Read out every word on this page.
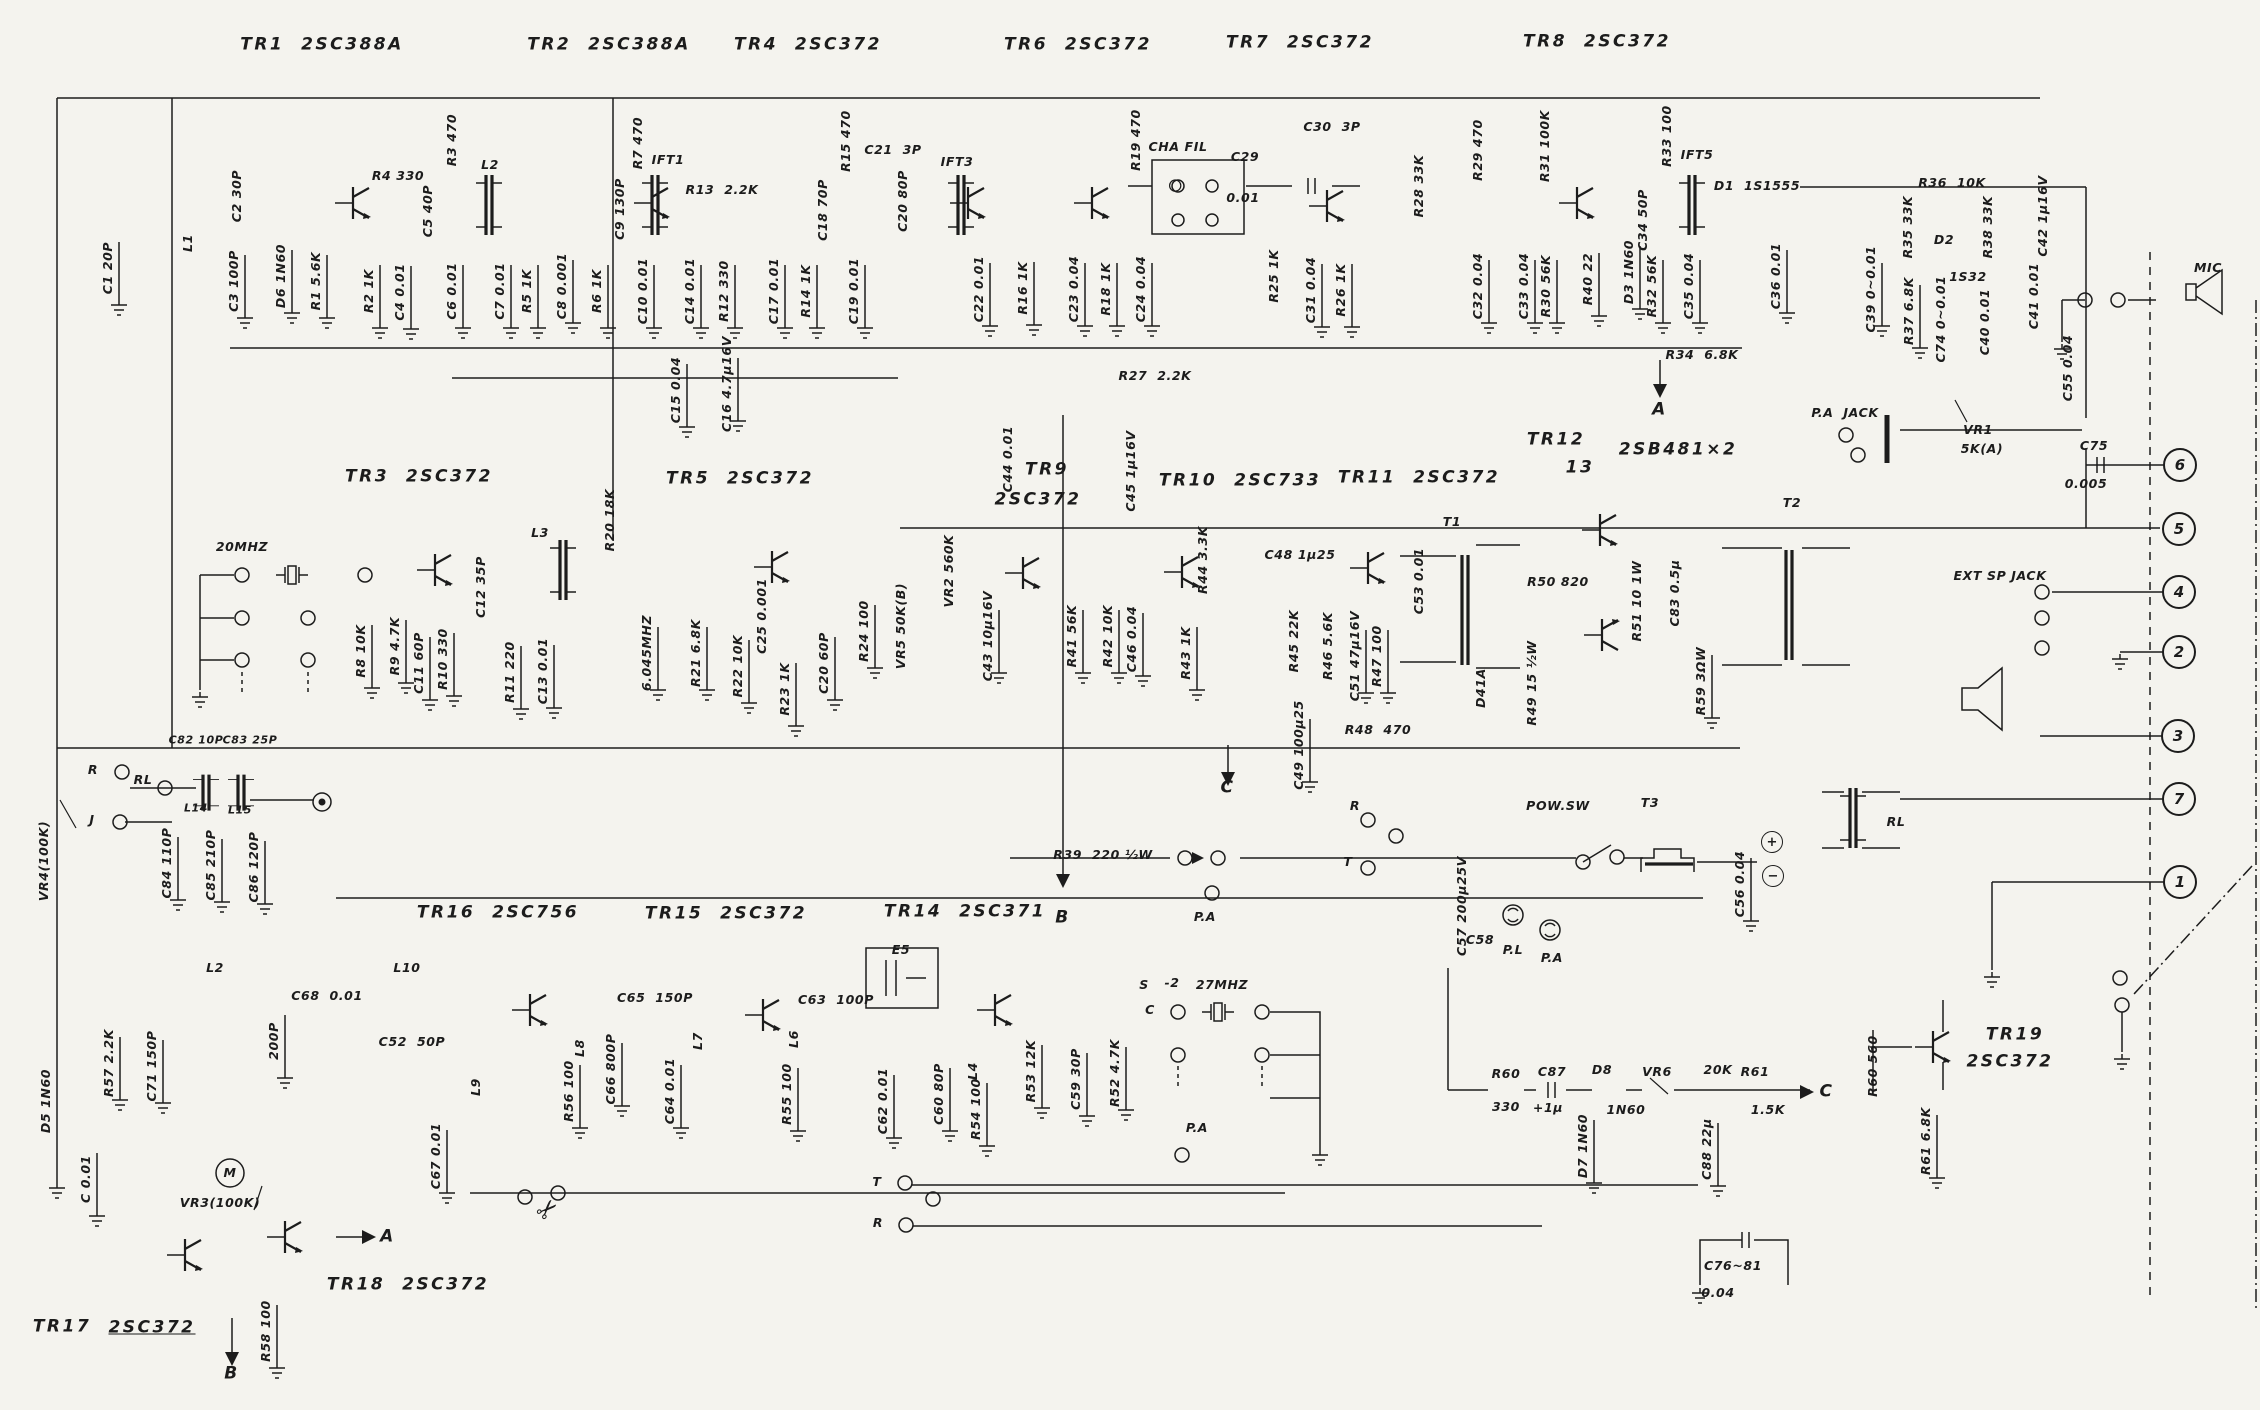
TR1  2SC388A	TR2  2SC388A	TR4  2SC372	TR6  2SC372	TR7  2SC372	TR8  2SC372
TR3  2SC372	TR5  2SC372	TR9
2SC372
TR10  2SC733 TR11  2SC372
TR12
13
2SB481×2
TR16  2SC756	TR15  2SC372	TR14  2SC371
TR17 2SC372
TR18  2SC372
TR19
2SC372
IFT1	IFT3	IFT5
CHA FIL
20MHZ
6.045MHZ
27MHZ
MIC
P.A  JACK
VR1
5K(A)	C75
0.005
EXT SP JACK
POW.SW	T3
T1
T2
L1
L2
L3
C1 20P
C2 30P
C3 100P	D6 1N60 R1 5.6K	R2 1K C4 0.01
R4 330
C5 40P
R3 470
C6 0.01	C7 0.01 R5 1K C8 0.001 R6 1K
C9 130P
R7 470
C10 0.01
R13  2.2K
C14 0.01 R12 330	C17 0.01 R14 1K
C18 70P
R15 470
C19 0.01
C21  3P
C20 80P
C22 0.01 R16 1K	C23 0.04 R18 1K
R19 470
C24 0.04
C29
0.01
C30  3P
R25 1K C31 0.04 R26 1K
R28 33K
R29 470
C32 0.04
R31 100K
C33 0.04 R30 56K R40 22 D3 1N60
C34 50P
R32 56K C35 0.04
R33 100
D1  1S1555
C36 0.01
R34  6.8K
R36  10K
R35 33K	R38 33K	C42 1μ16V
D2
1S32
C39 0~0.01 R37 6.8K C74 0~0.01 C40 0.01	C41 0.01
C55 0.04
R8 10K R9 4.7K C11 60P R10 330
C12 35P
R11 220 C13 0.01
R20 18K
C15 0.04	C16 4.7μ16V
R21 6.8K R22 10K
C25 0.001
R23 1K C20 60P
R24 100 VR5 50K(B)
R27  2.2K
C44 0.01	C45 1μ16V
VR2 560K
C43 10μ16V	R41 56K R42 10K C46 0.04	R43 1K
R44 3.3K	C48 1μ25
R45 22K R46 5.6K C51 47μ16V R47 100
C49 100μ25	R48  470
C53 0.01	R50 820
D41A	R49 15 ½W
R51 10 1W C83 0.5μ
R59 3ΩW
R39  220 ½W
C57 200μ25V
C58
P.L
P.A
C56 0.04
R
RL
J
C82 10P C83 25P
L14 L15
C84 110P C85 210P C86 120P
VR4(100K)
D5 1N60
C 0.01
R57 2.2K C71 150P	200P
L2
C68  0.01
L10
C52  50P
L9
C67 0.01
R56 100
L8 C66 800P
C65  150P
C64 0.01
L7	L6
R55 100
C63  100P
C62 0.01
E5
C60 80P R54 100
L4	R53 12K C59 30P R52 4.7K
S -2
C
P.A
P.A
B
A
C
R
T
T
R
M
VR3(100K)
R58 100
A
B
R60
330
C87
+1μ
D8
1N60
VR6	20K R61
1.5K
D7 1N60	C88 22μ
C R60 560
R61 6.8K
C76~81
0.04
RL
6
5
4
2
3
7
1
+
−
✂
